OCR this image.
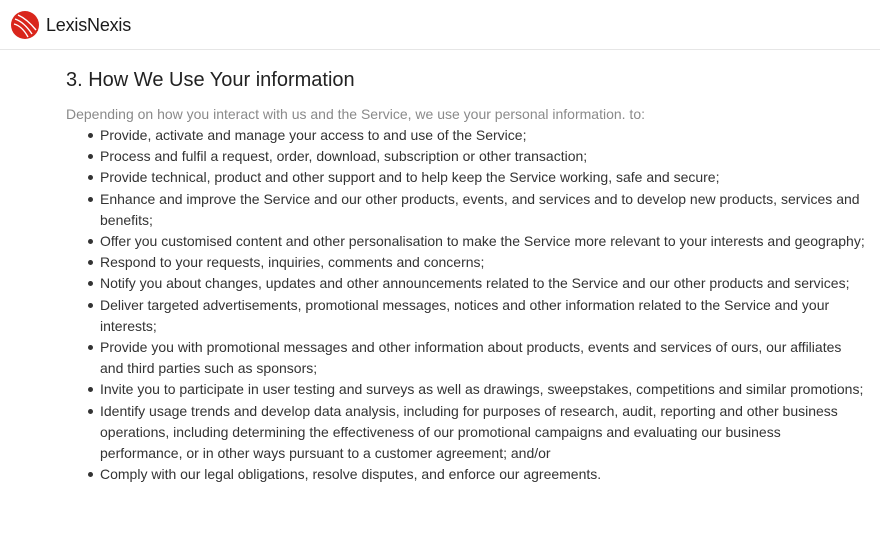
LexisNexis
3. How We Use Your information

Depending on how you interact with us and the Service, we use your personal information. to:

Provide, activate and manage your access to and use of the Service;
Process and fulfil a request, order, download, subscription or other transaction;
Provide technical, product and other support and to help keep the Service working, safe and secure;
Enhance and improve the Service and our other products, events, and services and to develop new products, services and benefits;
Offer you customised content and other personalisation to make the Service more relevant to your interests and geography;
Respond to your requests, inquiries, comments and concerns;
Notify you about changes, updates and other announcements related to the Service and our other products and services;
Deliver targeted advertisements, promotional messages, notices and other information related to the Service and your interests;
Provide you with promotional messages and other information about products, events and services of ours, our affiliates and third parties such as sponsors;
Invite you to participate in user testing and surveys as well as drawings, sweepstakes, competitions and similar promotions;
Identify usage trends and develop data analysis, including for purposes of research, audit, reporting and other business operations, including determining the effectiveness of our promotional campaigns and evaluating our business performance, or in other ways pursuant to a customer agreement; and/or
Comply with our legal obligations, resolve disputes, and enforce our agreements.
